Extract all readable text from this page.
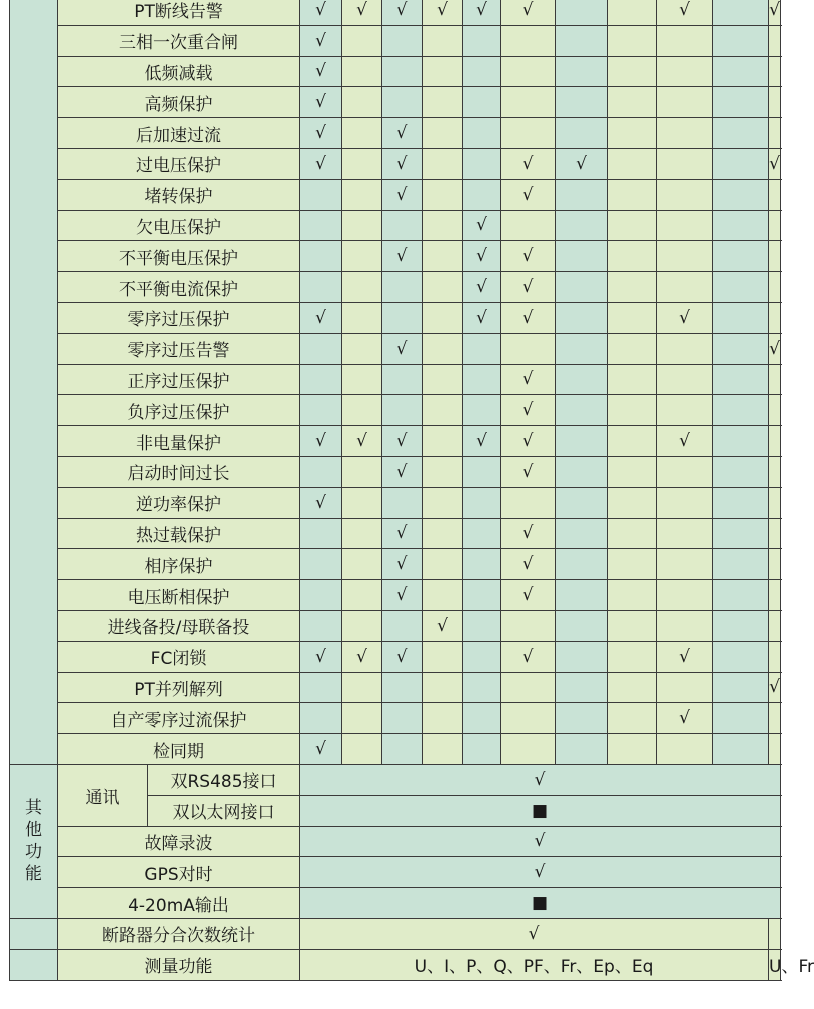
	PT断线告警		√	√	√	√	√	√			√		√
	三相一次重合闸		√										
	低频减载		√										
	高频保护		√										
	后加速过流		√		√								
	过电压保护		√		√			√	√				√
	堵转保护				√			√					
	欠电压保护						√						
	不平衡电压保护				√		√	√					
	不平衡电流保护						√	√					
	零序过压保护		√				√	√			√		
	零序过压告警				√								√
	正序过压保护							√					
	负序过压保护							√					
	非电量保护		√	√	√		√	√			√		
	启动时间过长				√			√					
	逆功率保护		√										
	热过载保护				√			√					
	相序保护				√			√					
	电压断相保护				√			√					
	进线备投/母联备投					√							
	FC闭锁		√	√	√			√			√		
	PT并列解列												√
	自产零序过流保护										√		
	检同期		√										

其
他
功
能	通讯	双RS485接口	√										
		双以太网接口	■										
	故障录波		√										
	GPS对时		√										
	4-20mA输出		■										
	断路器分合次数统计		√										
	测量功能		U、I、P、Q、PF、Fr、Ep、Eq										U、Fr
